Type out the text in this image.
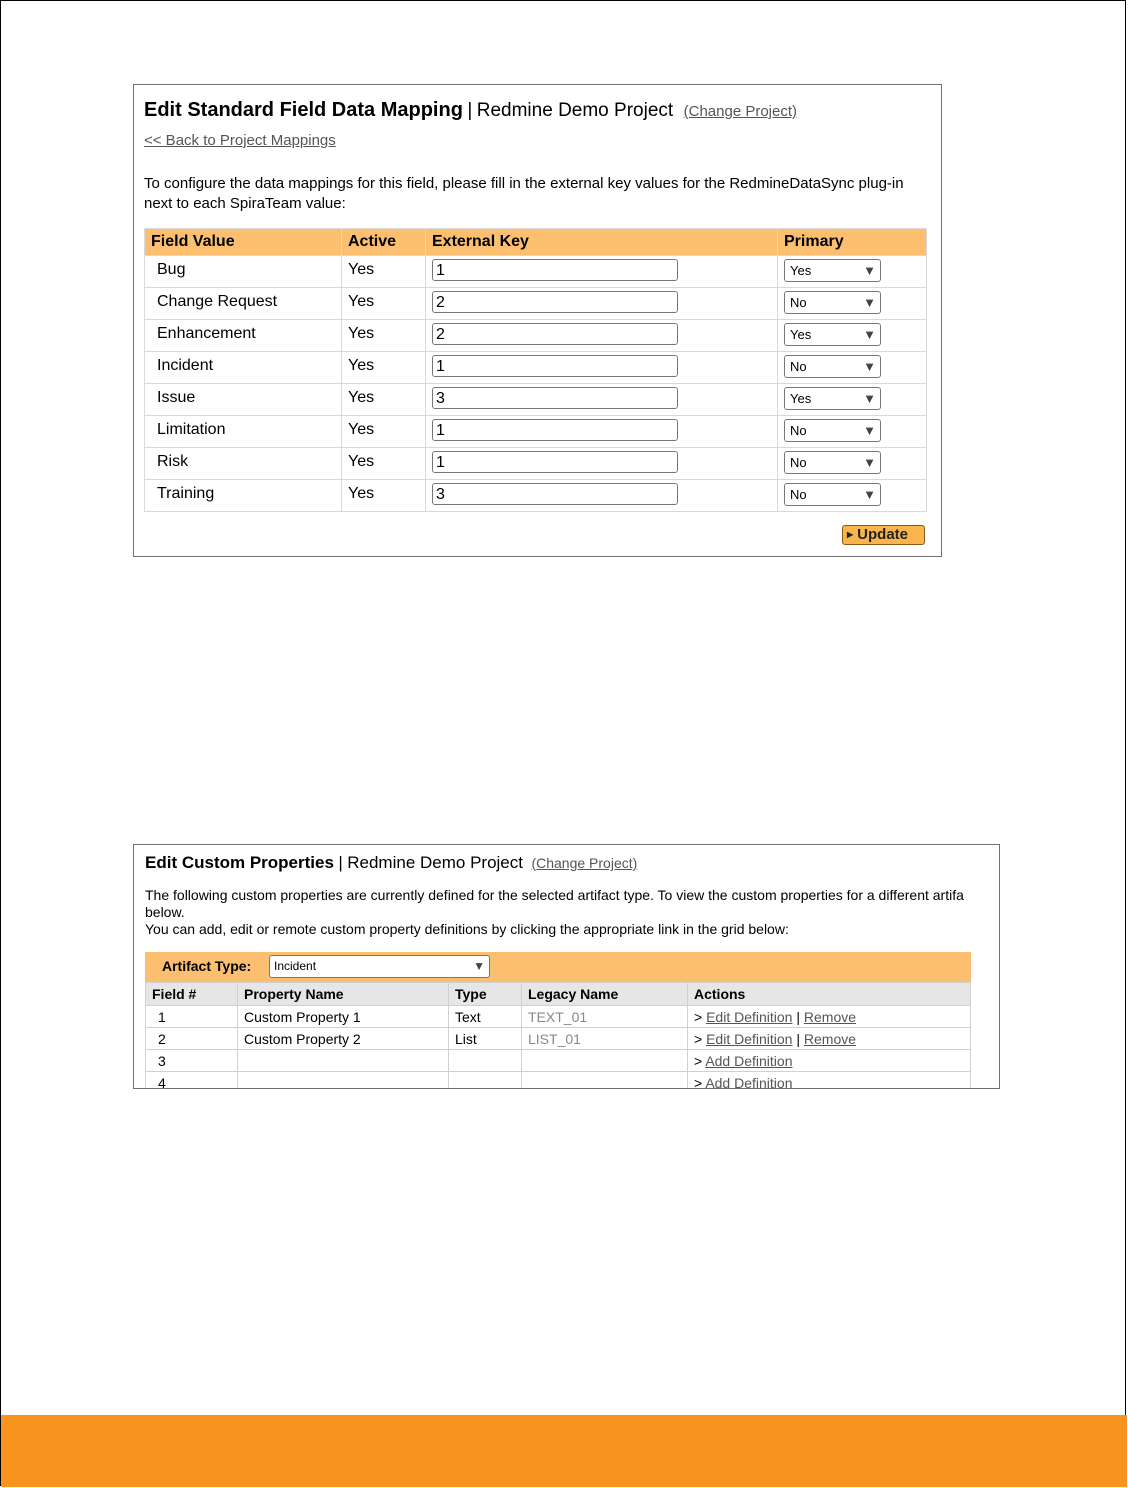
Edit Standard Field Data Mapping | Redmine Demo Project (Change Project)
<< Back to Project Mappings
To configure the data mappings for this field, please fill in the external key values for the RedmineDataSync plug-in next to each SpiraTeam value:
Field Value	Active	External Key	Primary

Bug	Yes	1	Yes ▼

Change Request	Yes	2	No ▼

Enhancement	Yes	2	Yes ▼

Incident	Yes	1	No ▼

Issue	Yes	3	Yes ▼

Limitation	Yes	1	No ▼

Risk	Yes	1	No ▼

Training	Yes	3	No ▼
▶ Update
Edit Custom Properties | Redmine Demo Project (Change Project)
The following custom properties are currently defined for the selected artifact type. To view the custom properties for a different artifa
below.
You can add, edit or remote custom property definitions by clicking the appropriate link in the grid below:
Artifact Type:	Incident	▼
Field #	Property Name	Type	Legacy Name	Actions
1	Custom Property 1	Text	TEXT_01	> Edit Definition | Remove
2	Custom Property 2	List	LIST_01	> Edit Definition | Remove
3				> Add Definition
4				> Add Definition
